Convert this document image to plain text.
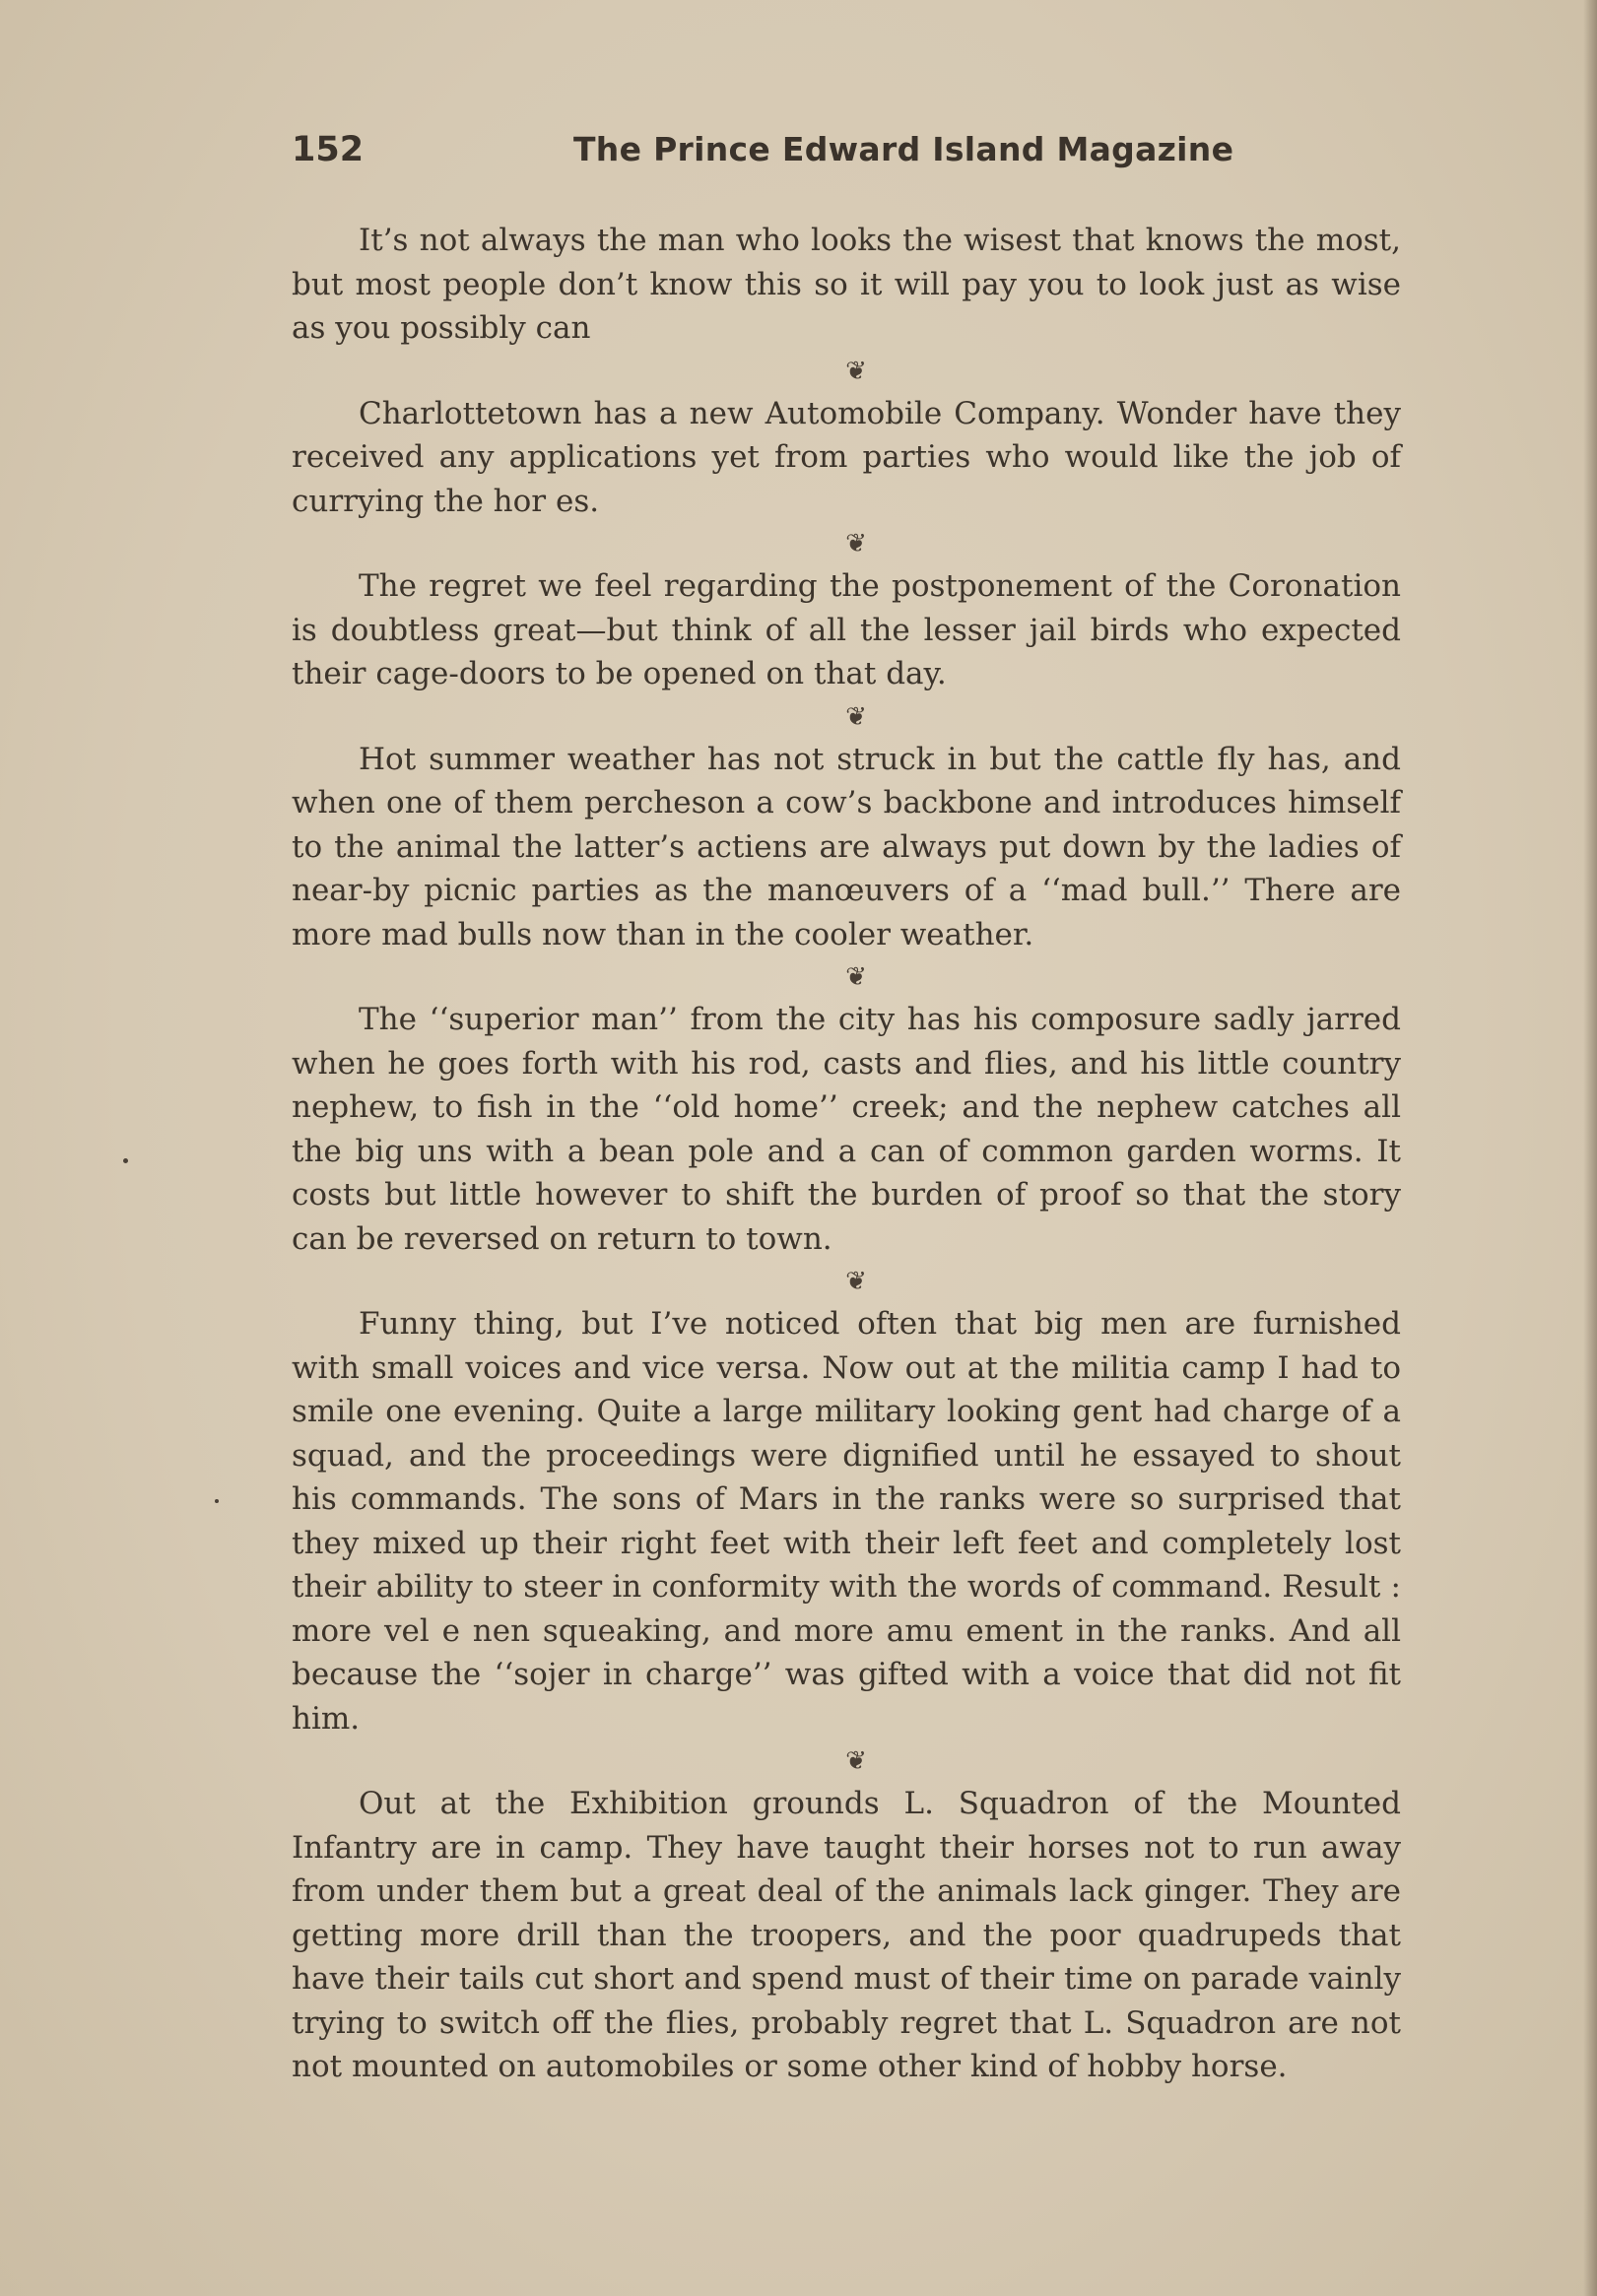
152	The Prince Edward Island Magazine

It’s not always the man who looks the wisest that knows the most, but most people don’t know this so it will pay you to look just as wise as you possibly can

❦

Charlottetown has a new Automobile Company. Wonder have they received any applications yet from parties who would like the job of currying the hor es.

❦

The regret we feel regarding the postponement of the Coronation is doubtless great—but think of all the lesser jail birds who expected their cage-doors to be opened on that day.

❦

Hot summer weather has not struck in but the cattle fly has, and when one of them percheson a cow’s backbone and introduces himself to the animal the latter’s actiens are always put down by the ladies of near-by picnic parties as the manœuvers of a ‘‘mad bull.’’ There are more mad bulls now than in the cooler weather.

❦

The ‘‘superior man’’ from the city has his composure sadly jarred when he goes forth with his rod, casts and flies, and his little country nephew, to fish in the ‘‘old home’’ creek; and the nephew catches all the big uns with a bean pole and a can of common garden worms. It costs but little however to shift the burden of proof so that the story can be reversed on return to town.

❦

Funny thing, but I’ve noticed often that big men are furnished with small voices and vice versa. Now out at the militia camp I had to smile one evening. Quite a large military looking gent had charge of a squad, and the proceedings were dignified until he essayed to shout his commands. The sons of Mars in the ranks were so surprised that they mixed up their right feet with their left feet and completely lost their ability to steer in conformity with the words of command. Result : more vel e nen squeaking, and more amu ement in the ranks. And all because the ‘‘sojer in charge’’ was gifted with a voice that did not fit him.

❦

Out at the Exhibition grounds L. Squadron of the Mounted Infantry are in camp. They have taught their horses not to run away from under them but a great deal of the animals lack ginger. They are getting more drill than the troopers, and the poor quadrupeds that have their tails cut short and spend must of their time on parade vainly trying to switch off the flies, probably regret that L. Squadron are not not mounted on automobiles or some other kind of hobby horse.
